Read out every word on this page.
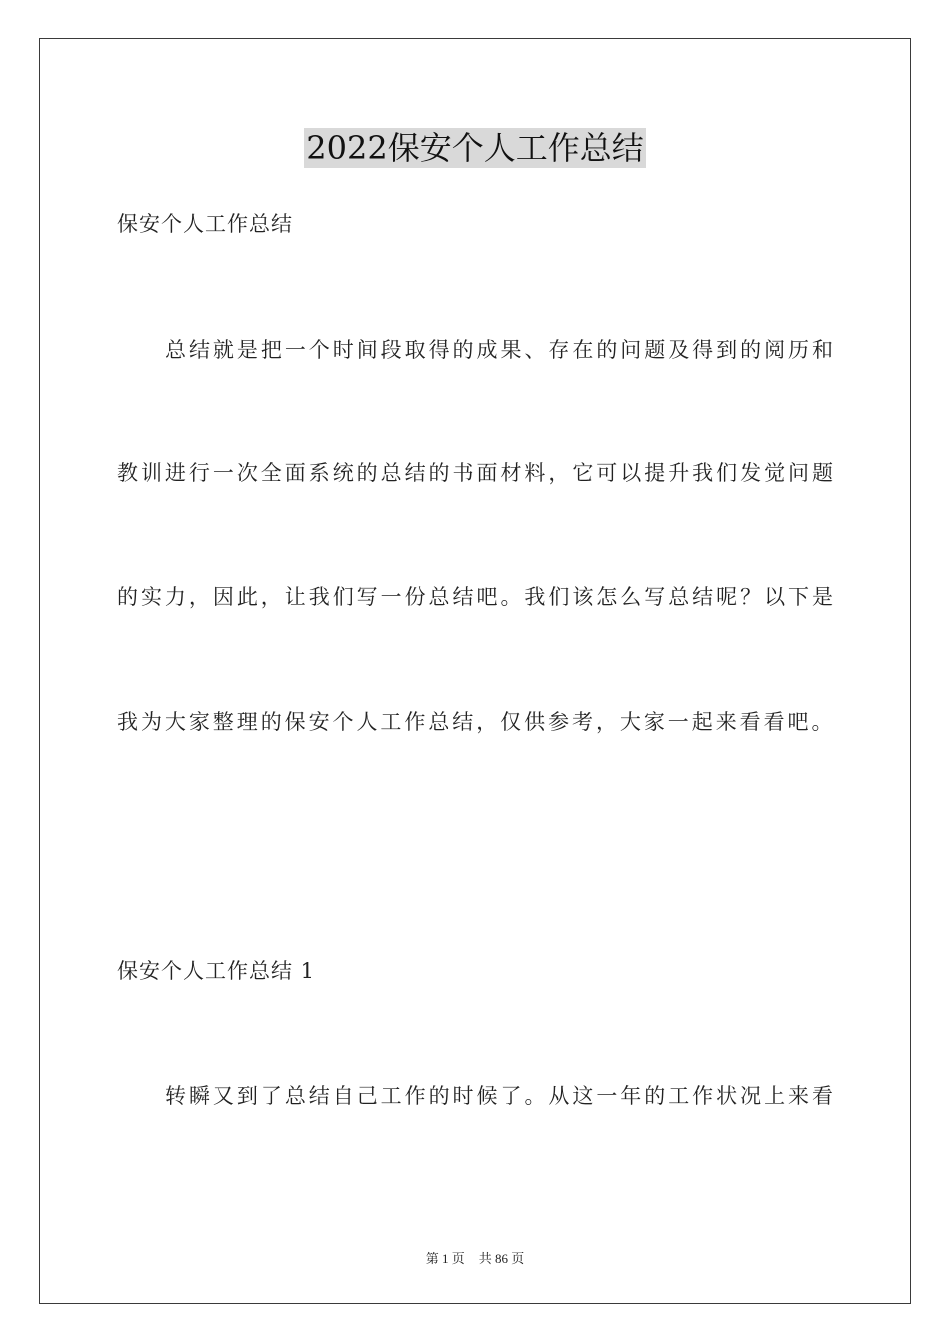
2022保安个人工作总结

保安个人工作总结

总结就是把一个时间段取得的成果、存在的问题及得到的阅历和

教训进行一次全面系统的总结的书面材料，它可以提升我们发觉问题

的实力，因此，让我们写一份总结吧。我们该怎么写总结呢？以下是

我为大家整理的保安个人工作总结，仅供参考，大家一起来看看吧。

保安个人工作总结 1

转瞬又到了总结自己工作的时候了。从这一年的工作状况上来看

第 1 页 共 86 页
